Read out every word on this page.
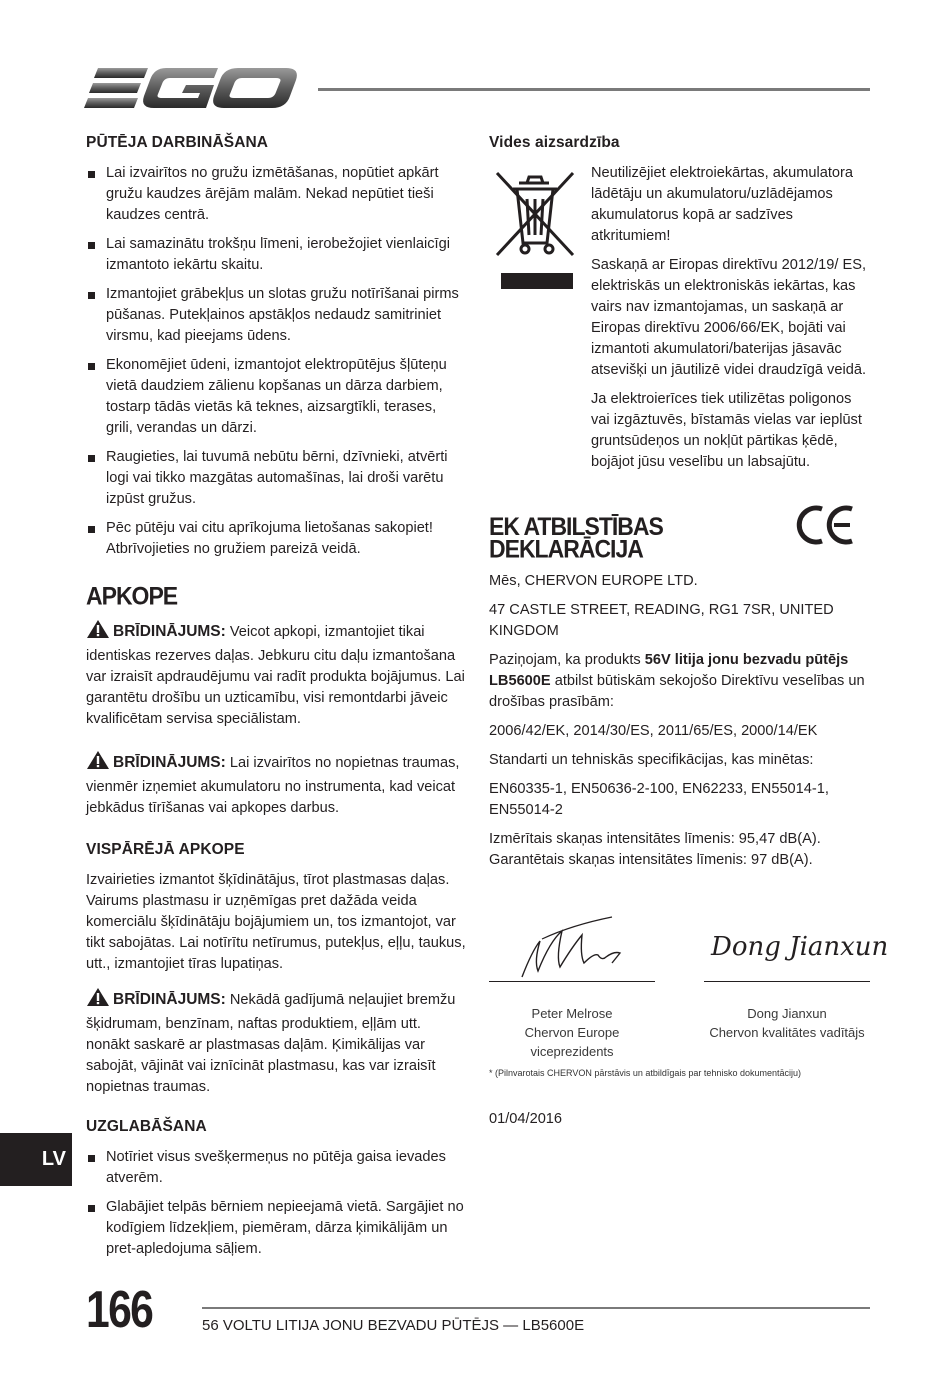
PŪTĒJA DARBINĀŠANA
Lai izvairītos no gružu izmētāšanas, nopūtiet apkārt gružu kaudzes ārējām malām. Nekad nepūtiet tieši kaudzes centrā.
Lai samazinātu trokšņu līmeni, ierobežojiet vienlaicīgi izmantoto iekārtu skaitu.
Izmantojiet grābekļus un slotas gružu notīrīšanai pirms pūšanas. Putekļainos apstākļos nedaudz samitriniet virsmu, kad pieejams ūdens.
Ekonomējiet ūdeni, izmantojot elektropūtējus šļūteņu vietā daudziem zālienu kopšanas un dārza darbiem, tostarp tādās vietās kā teknes, aizsargtīkli, terases, grili, verandas un dārzi.
Raugieties, lai tuvumā nebūtu bērni, dzīvnieki, atvērti logi vai tikko mazgātas automašīnas, lai droši varētu izpūst gružus.
Pēc pūtēju vai citu aprīkojuma lietošanas sakopiet! Atbrīvojieties no gružiem pareizā veidā.
APKOPE

BRĪDINĀJUMS: Veicot apkopi, izmantojiet tikai identiskas rezerves daļas. Jebkuru citu daļu izmantošana var izraisīt apdraudējumu vai radīt produkta bojājumus. Lai garantētu drošību un uzticamību, visi remontdarbi jāveic kvalificētam servisa speciālistam.

BRĪDINĀJUMS: Lai izvairītos no nopietnas traumas, vienmēr izņemiet akumulatoru no instrumenta, kad veicat jebkādus tīrīšanas vai apkopes darbus.

VISPĀRĒJĀ APKOPE

Izvairieties izmantot šķīdinātājus, tīrot plastmasas daļas. Vairums plastmasu ir uzņēmīgas pret dažāda veida komerciālu šķīdinātāju bojājumiem un, tos izmantojot, var tikt sabojātas. Lai notīrītu netīrumus, putekļus, eļļu, taukus, utt., izmantojiet tīras lupatiņas.

BRĪDINĀJUMS: Nekādā gadījumā neļaujiet bremžu šķidrumam, benzīnam, naftas produktiem, eļļām utt. nonākt saskarē ar plastmasas daļām. Ķimikālijas var sabojāt, vājināt vai iznīcināt plastmasu, kas var izraisīt nopietnas traumas.

UZGLABĀŠANA
Notīriet visus svešķermeņus no pūtēja gaisa ievades atverēm.
Glabājiet telpās bērniem nepieejamā vietā. Sargājiet no kodīgiem līdzekļiem, piemēram, dārza ķimikālijām un pret-apledojuma sāļiem.
Vides aizsardzība

Neutilizējiet elektroiekārtas, akumulatora lādētāju un akumulatoru/uzlādējamos akumulatorus kopā ar sadzīves atkritumiem!

Saskaņā ar Eiropas direktīvu 2012/19/ ES, elektriskās un elektroniskās iekārtas, kas vairs nav izmantojamas, un saskaņā ar Eiropas direktīvu 2006/66/EK, bojāti vai izmantoti akumulatori/baterijas jāsavāc atsevišķi un jāutilizē videi draudzīgā veidā.

Ja elektroierīces tiek utilizētas poligonos vai izgāztuvēs, bīstamās vielas var ieplūst gruntsūdeņos un nokļūt pārtikas ķēdē, bojājot jūsu veselību un labsajūtu.

EK ATBILSTĪBAS DEKLARĀCIJA

Mēs, CHERVON EUROPE LTD.

47 CASTLE STREET, READING, RG1 7SR, UNITED KINGDOM

Paziņojam, ka produkts 56V litija jonu bezvadu pūtējs LB5600E atbilst būtiskām sekojošo Direktīvu veselības un drošības prasībām:

2006/42/EK, 2014/30/ES, 2011/65/ES, 2000/14/EK

Standarti un tehniskās specifikācijas, kas minētas:

EN60335-1, EN50636-2-100, EN62233, EN55014-1, EN55014-2

Izmērītais skaņas intensitātes līmenis: 95,47 dB(A).
Garantētais skaņas intensitātes līmenis: 97 dB(A).

Peter Melrose
Chervon Europe viceprezidents
Dong Jianxun
Dong Jianxun
Chervon kvalitātes vadītājs
* (Pilnvarotais CHERVON pārstāvis un atbildīgais par tehnisko dokumentāciju)

01/04/2016

LV
166	56 VOLTU LITIJA JONU BEZVADU PŪTĒJS — LB5600E
